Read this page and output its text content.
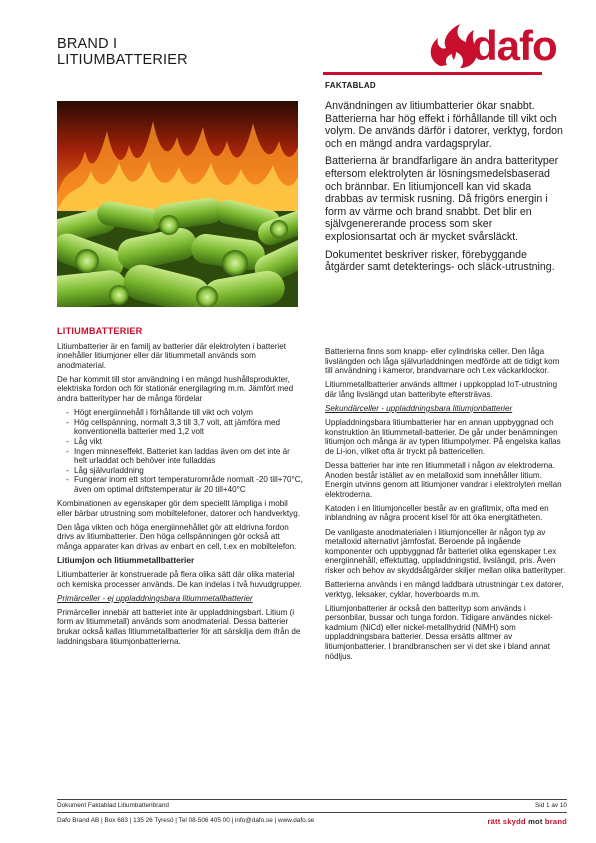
BRAND I
LITIUMBATTERIER	dafo
FAKTABLAD

Användningen av litiumbatterier ökar snabbt. Batterierna har hög effekt i förhållande till vikt och volym. De används därför i datorer, verktyg, fordon och en mängd andra vardagsprylar.

Batterierna är brandfarligare än andra batterityper eftersom elektrolyten är lösningsmedelsbaserad och brännbar. En litiumjoncell kan vid skada drabbas av termisk rusning. Då frigörs energin i form av värme och brand snabbt. Det blir en självgenererande process som sker explosionsartat och är mycket svårsläckt.

Dokumentet beskriver risker, förebyggande åtgärder samt detekterings- och släck-utrustning.

LITIUMBATTERIER

Litiumbatterier är en familj av batterier där elektrolyten i batteriet innehåller litiumjoner eller där litiummetall används som anodmaterial.

De har kommit till stor användning i en mängd hushållsprodukter, elektriska fordon och för stationär energilagring m.m. Jämfört med andra batterityper har de många fördelar

- Högt energiinnehåll i förhållande till vikt och volym
- Hög cellspänning, normalt 3,3 till 3,7 volt, att jämföra med konventionella batterier med 1,2 volt
- Låg vikt
- Ingen minneseffekt. Batteriet kan laddas även om det inte är helt urladdat och behöver inte fulladdas
- Låg självurladdning
- Fungerar inom ett stort temperaturområde normalt -20 till+70°C, även om optimal driftstemperatur är 20 till+40°C

Kombinationen av egenskaper gör dem speciellt lämpliga i mobil eller bärbar utrustning som mobiltelefoner, datorer och handverktyg.

Den låga vikten och höga energiinnehållet gör att eldrivna fordon drivs av litiumbatterier. Den höga cellspänningen gör också att många apparater kan drivas av enbart en cell, t.ex en mobiltelefon.

Litiumjon och litiummetallbatterier

Litiumbatterier är konstruerade på flera olika sätt där olika material och kemiska processer används. De kan indelas i två huvudgrupper.

Primärceller - ej uppladdningsbara litiummetallbatterier

Primärceller innebär att batteriet inte är uppladdningsbart. Litium (i form av litiummetall) används som anodmaterial. Dessa batterier brukar också kallas litiummetallbatterier för att särskilja dem ifrån de laddningsbara litiumjonbatterierna.

Batterierna finns som knapp- eller cylindriska celler. Den låga livslängden och låga självurladdningen medförde att de tidigt kom till användning i kameror, brandvarnare och t.ex väckarklockor.

Litiummetallbatterier används alltmer i uppkopplad IoT-utrustning där lång livslängd utan batteribyte eftersträvas.

Sekundärceller - uppladdningsbara litiumjonbatterier

Uppladdningsbara litiumbatterier har en annan uppbyggnad och konstruktion än litiummetall-batterier. De går under benämningen litiumjon och många är av typen litiumpolymer. På engelska kallas de Li-ion, vilket ofta är tryckt på battericellen.

Dessa batterier har inte ren litiummetall i någon av elektroderna. Anoden består istället av en metalloxid som innehåller litium. Energin utvinns genom att litiumjoner vandrar i elektrolyten mellan elektroderna.

Katoden i en litiumjonceller består av en grafitmix, ofta med en inblandning av några procent kisel för att öka energitätheten.

De vanligaste anodmaterialen i litiumjonceller är någon typ av metalloxid alternativt järnfosfat. Beroende på ingående komponenter och uppbyggnad får batteriet olika egenskaper t.ex energiinnehåll, effektuttag, uppladdningstid, livslängd, pris. Även risker och behov av skyddsåtgärder skiljer mellan olika batterityper.

Batterierna används i en mängd laddbara utrustningar t.ex datorer, verktyg, leksaker, cyklar, hoverboards m.m.

Litiumjonbatterier är också den batterityp som används i personbilar, bussar och tunga fordon. Tidigare användes nickel-kadmium (NiCd) eller nickel-metallhydrid (NiMH) som uppladdningsbara batterier. Dessa ersätts alltmer av litiumjonbatterier. I brandbranschen ser vi det ske i bland annat nödljus.

Dokument Faktablad Litiumbatteribrand	Sid 1 av 10
Dafo Brand AB | Box 683 | 135 26 Tyresö | Tel 08-506 405 00 | info@dafo.se | www.dafo.se	rätt skydd mot brand
